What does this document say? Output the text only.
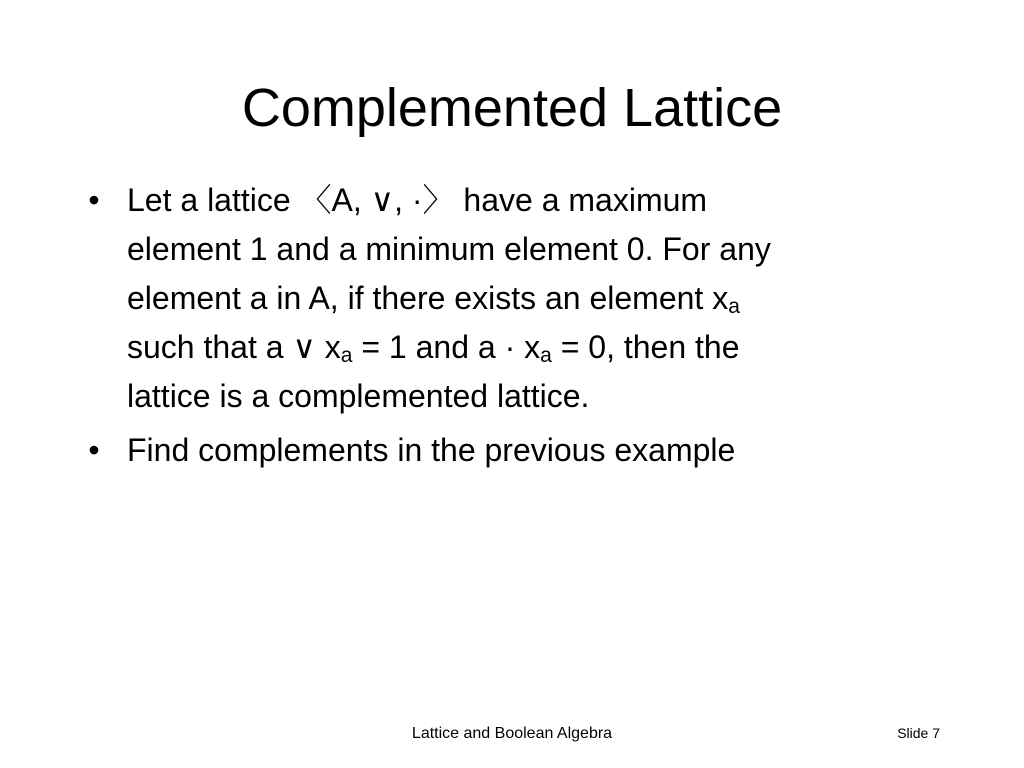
Complemented Lattice
• Let a lattice 〈A, ∨, ·〉 have a maximum
element 1 and a minimum element 0. For any
element a in A, if there exists an element $x_a$
such that a ∨ $x_a = 1$ and $a \cdot x_a = 0$, then the
lattice is a complemented lattice.
• Find complements in the previous example
Lattice and Boolean Algebra	Slide 7
